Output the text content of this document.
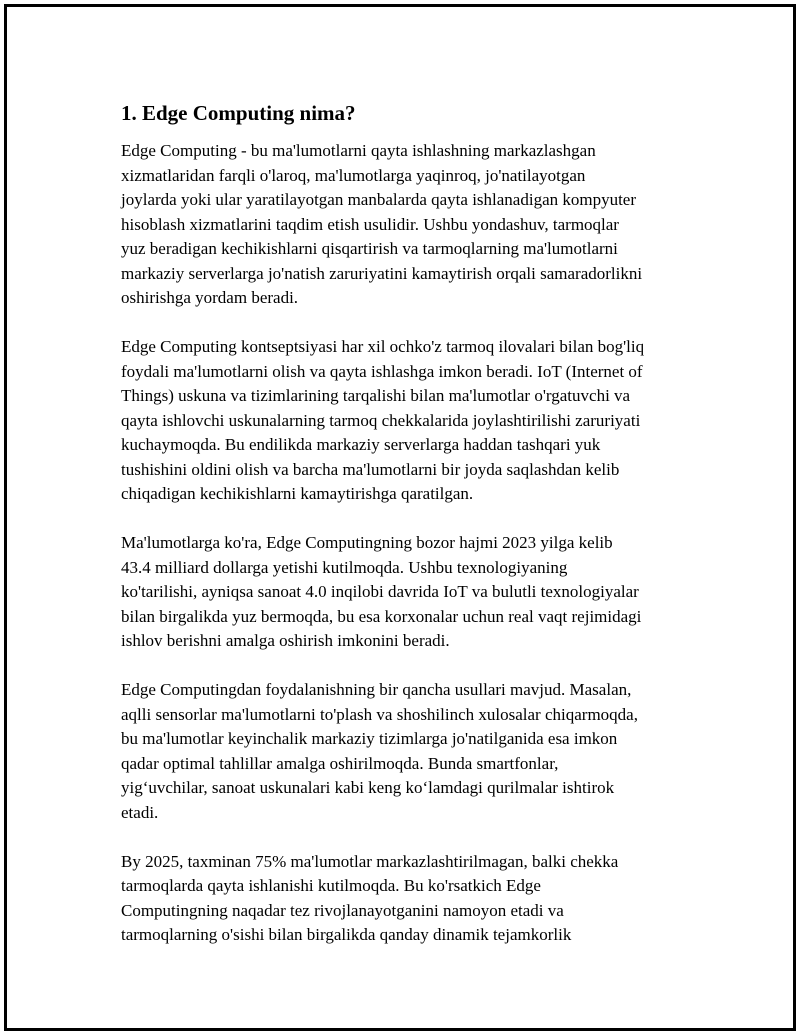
1. Edge Computing nima?

Edge Computing - bu ma'lumotlarni qayta ishlashning markazlashgan
xizmatlaridan farqli o'laroq, ma'lumotlarga yaqinroq, jo'natilayotgan
joylarda yoki ular yaratilayotgan manbalarda qayta ishlanadigan kompyuter
hisoblash xizmatlarini taqdim etish usulidir. Ushbu yondashuv, tarmoqlar
yuz beradigan kechikishlarni qisqartirish va tarmoqlarning ma'lumotlarni
markaziy serverlarga jo'natish zaruriyatini kamaytirish orqali samaradorlikni
oshirishga yordam beradi.

Edge Computing kontseptsiyasi har xil ochko'z tarmoq ilovalari bilan bog'liq
foydali ma'lumotlarni olish va qayta ishlashga imkon beradi. IoT (Internet of
Things) uskuna va tizimlarining tarqalishi bilan ma'lumotlar o'rgatuvchi va
qayta ishlovchi uskunalarning tarmoq chekkalarida joylashtirilishi zaruriyati
kuchaymoqda. Bu endilikda markaziy serverlarga haddan tashqari yuk
tushishini oldini olish va barcha ma'lumotlarni bir joyda saqlashdan kelib
chiqadigan kechikishlarni kamaytirishga qaratilgan.

Ma'lumotlarga ko'ra, Edge Computingning bozor hajmi 2023 yilga kelib
43.4 milliard dollarga yetishi kutilmoqda. Ushbu texnologiyaning
ko'tarilishi, ayniqsa sanoat 4.0 inqilobi davrida IoT va bulutli texnologiyalar
bilan birgalikda yuz bermoqda, bu esa korxonalar uchun real vaqt rejimidagi
ishlov berishni amalga oshirish imkonini beradi.

Edge Computingdan foydalanishning bir qancha usullari mavjud. Masalan,
aqlli sensorlar ma'lumotlarni to'plash va shoshilinch xulosalar chiqarmoqda,
bu ma'lumotlar keyinchalik markaziy tizimlarga jo'natilganida esa imkon
qadar optimal tahlillar amalga oshirilmoqda. Bunda smartfonlar,
yig‘uvchilar, sanoat uskunalari kabi keng ko‘lamdagi qurilmalar ishtirok
etadi.

By 2025, taxminan 75% ma'lumotlar markazlashtirilmagan, balki chekka
tarmoqlarda qayta ishlanishi kutilmoqda. Bu ko'rsatkich Edge
Computingning naqadar tez rivojlanayotganini namoyon etadi va
tarmoqlarning o'sishi bilan birgalikda qanday dinamik tejamkorlik
